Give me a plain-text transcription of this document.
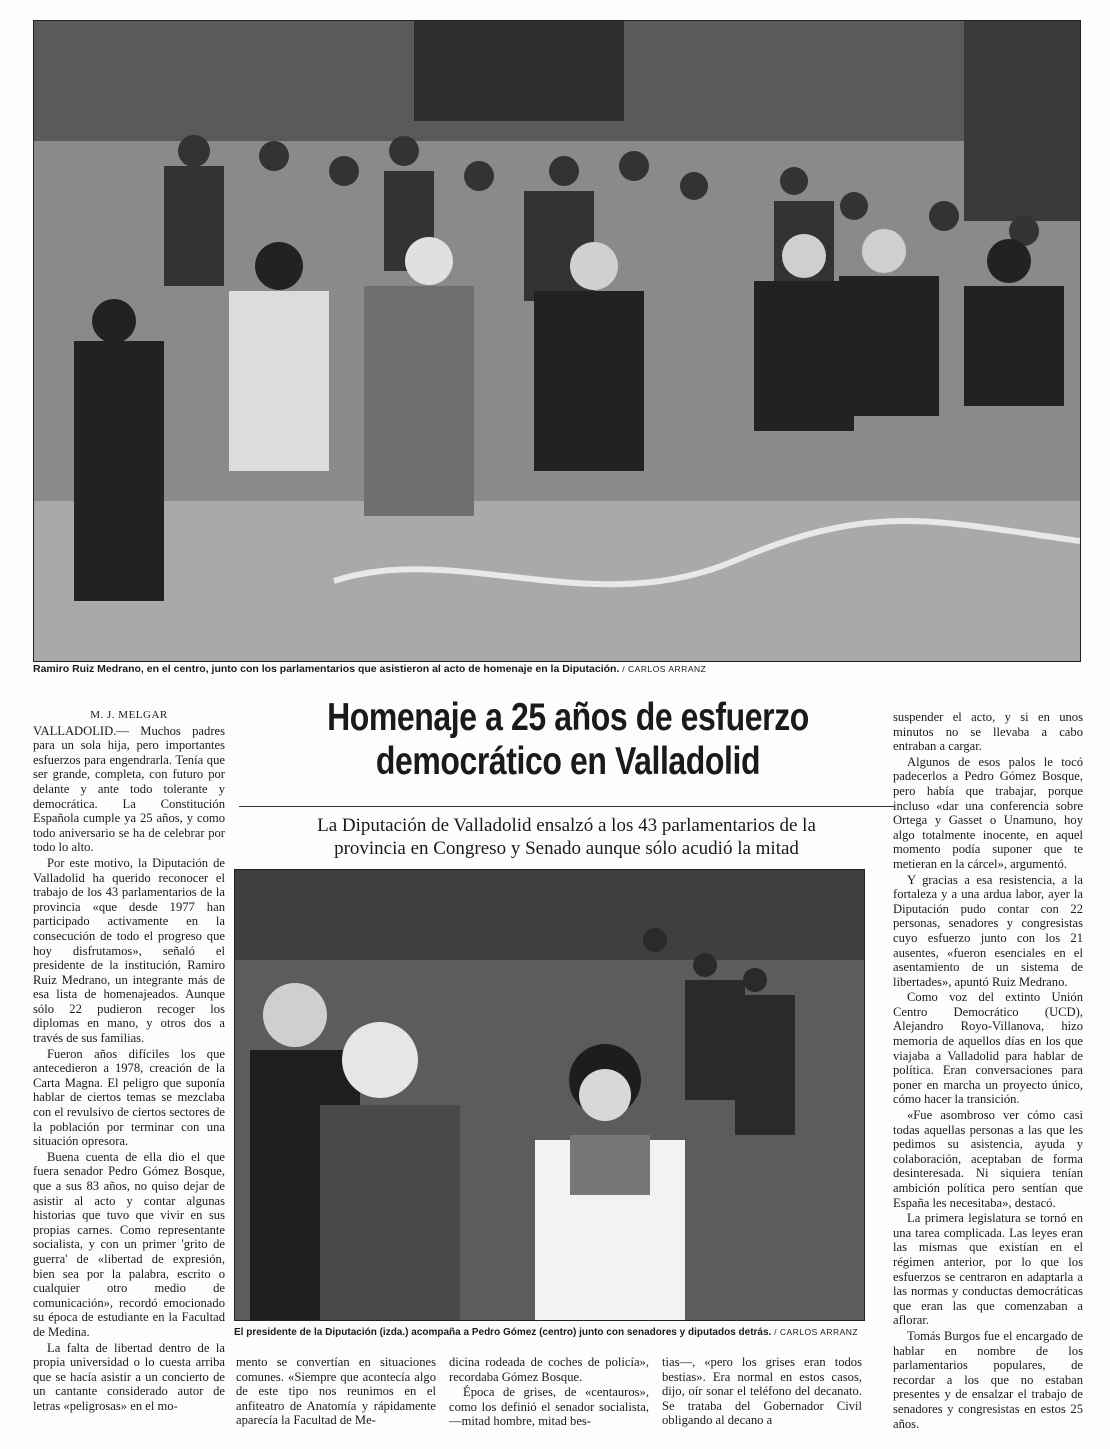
Ramiro Ruiz Medrano, en el centro, junto con los parlamentarios que asistieron al acto de homenaje en la Diputación. / CARLOS ARRANZ
Homenaje a 25 años de esfuerzo
democrático en Valladolid
La Diputación de Valladolid ensalzó a los 43 parlamentarios de la
provincia en Congreso y Senado aunque sólo acudió la mitad
M. J. MELGAR

VALLADOLID.— Muchos padres para un sola hija, pero importantes esfuerzos para engendrarla. Tenía que ser grande, completa, con futuro por delante y ante todo tolerante y democrática. La Constitución Española cumple ya 25 años, y como todo aniversario se ha de celebrar por todo lo alto.

Por este motivo, la Diputación de Valladolid ha querido reconocer el trabajo de los 43 parlamentarios de la provincia «que desde 1977 han participado activamente en la consecución de todo el progreso que hoy disfrutamos», señaló el presidente de la institución, Ramiro Ruiz Medrano, un integrante más de esa lista de homenajeados. Aunque sólo 22 pudieron recoger los diplomas en mano, y otros dos a través de sus familias.

Fueron años difíciles los que antecedieron a 1978, creación de la Carta Magna. El peligro que suponía hablar de ciertos temas se mezclaba con el revulsivo de ciertos sectores de la población por terminar con una situación opresora.

Buena cuenta de ella dio el que fuera senador Pedro Gómez Bosque, que a sus 83 años, no quiso dejar de asistir al acto y contar algunas historias que tuvo que vivir en sus propias carnes. Como representante socialista, y con un primer 'grito de guerra' de «libertad de expresión, bien sea por la palabra, escrito o cualquier otro medio de comunicación», recordó emocionado su época de estudiante en la Facultad de Medina.

La falta de libertad dentro de la propia universidad o lo cuesta arriba que se hacía asistir a un concierto de un cantante considerado autor de letras «peligrosas» en el mo-

El presidente de la Diputación (izda.) acompaña a Pedro Gómez (centro) junto con senadores y diputados detrás. / CARLOS ARRANZ

mento se convertían en situaciones comunes. «Siempre que acontecía algo de este tipo nos reunimos en el anfiteatro de Anatomía y rápidamente aparecía la Facultad de Me-

dicina rodeada de coches de policía», recordaba Gómez Bosque.

Época de grises, de «centauros», como los definió el senador socialista, —mitad hombre, mitad bes-

tias—, «pero los grises eran todos bestias». Era normal en estos casos, dijo, oír sonar el teléfono del decanato. Se trataba del Gobernador Civil obligando al decano a

suspender el acto, y si en unos minutos no se llevaba a cabo entraban a cargar.

Algunos de esos palos le tocó padecerlos a Pedro Gómez Bosque, pero había que trabajar, porque incluso «dar una conferencia sobre Ortega y Gasset o Unamuno, hoy algo totalmente inocente, en aquel momento podía suponer que te metieran en la cárcel», argumentó.

Y gracias a esa resistencia, a la fortaleza y a una ardua labor, ayer la Diputación pudo contar con 22 personas, senadores y congresistas cuyo esfuerzo junto con los 21 ausentes, «fueron esenciales en el asentamiento de un sistema de libertades», apuntó Ruiz Medrano.

Como voz del extinto Unión Centro Democrático (UCD), Alejandro Royo-Villanova, hizo memoria de aquellos días en los que viajaba a Valladolid para hablar de política. Eran conversaciones para poner en marcha un proyecto único, cómo hacer la transición.

«Fue asombroso ver cómo casi todas aquellas personas a las que les pedimos su asistencia, ayuda y colaboración, aceptaban de forma desinteresada. Ni siquiera tenían ambición política pero sentían que España les necesitaba», destacó.

La primera legislatura se tornó en una tarea complicada. Las leyes eran las mismas que existían en el régimen anterior, por lo que los esfuerzos se centraron en adaptarla a las normas y conductas democráticas que eran las que comenzaban a aflorar.

Tomás Burgos fue el encargado de hablar en nombre de los parlamentarios populares, de recordar a los que no estaban presentes y de ensalzar el trabajo de senadores y congresistas en estos 25 años.
